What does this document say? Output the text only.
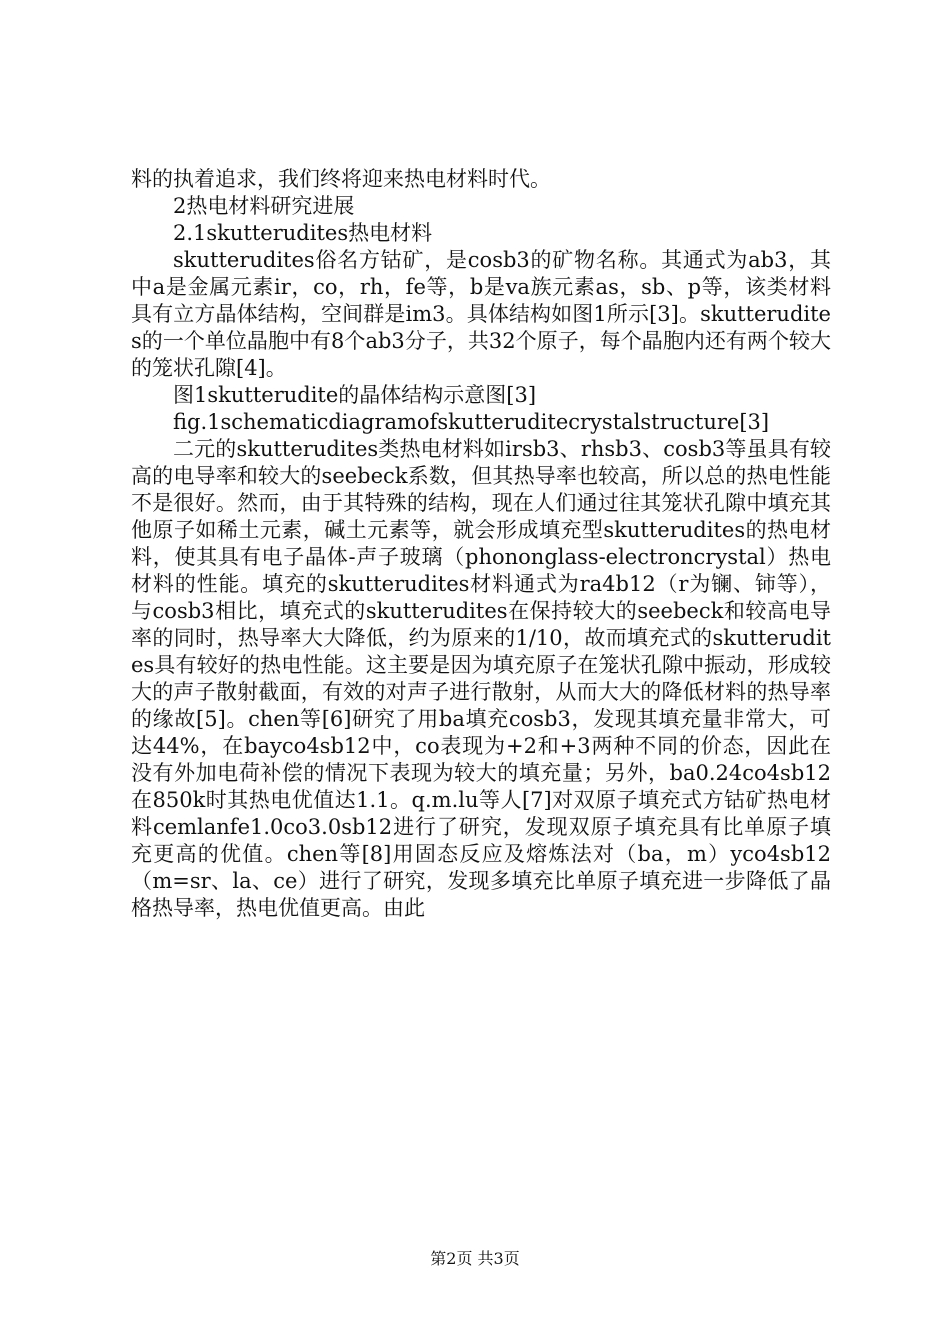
料的执着追求，我们终将迎来热电材料时代。

2热电材料研究进展

2.1skutterudites热电材料

skutterudites俗名方钴矿，是cosb3的矿物名称。其通式为ab3，其中a是金属元素ir，co，rh，fe等，b是va族元素as，sb、p等，该类材料具有立方晶体结构，空间群是im3。具体结构如图1所示[3]。skutterudites的一个单位晶胞中有8个ab3分子，共32个原子，每个晶胞内还有两个较大的笼状孔隙[4]。

图1skutterudite的晶体结构示意图[3]

fig.1schematicdiagramofskutteruditecrystalstructure[3]

二元的skutterudites类热电材料如irsb3、rhsb3、cosb3等虽具有较高的电导率和较大的seebeck系数，但其热导率也较高，所以总的热电性能不是很好。然而，由于其特殊的结构，现在人们通过往其笼状孔隙中填充其他原子如稀土元素，碱土元素等，就会形成填充型skutterudites的热电材料，使其具有电子晶体-声子玻璃（phononglass-electroncrystal）热电材料的性能。填充的skutterudites材料通式为ra4b12（r为镧、铈等），与cosb3相比，填充式的skutterudites在保持较大的seebeck和较高电导率的同时，热导率大大降低，约为原来的1/10，故而填充式的skutterudites具有较好的热电性能。这主要是因为填充原子在笼状孔隙中振动，形成较大的声子散射截面，有效的对声子进行散射，从而大大的降低材料的热导率的缘故[5]。chen等[6]研究了用ba填充cosb3，发现其填充量非常大，可达44%，在bayco4sb12中，co表现为+2和+3两种不同的价态，因此在没有外加电荷补偿的情况下表现为较大的填充量；另外，ba0.24co4sb12在850k时其热电优值达1.1。q.m.lu等人[7]对双原子填充式方钴矿热电材料cemlanfe1.0co3.0sb12进行了研究，发现双原子填充具有比单原子填充更高的优值。chen等[8]用固态反应及熔炼法对（ba，m）yco4sb12（m=sr、la、ce）进行了研究，发现多填充比单原子填充进一步降低了晶格热导率，热电优值更高。由此

第2页 共3页
